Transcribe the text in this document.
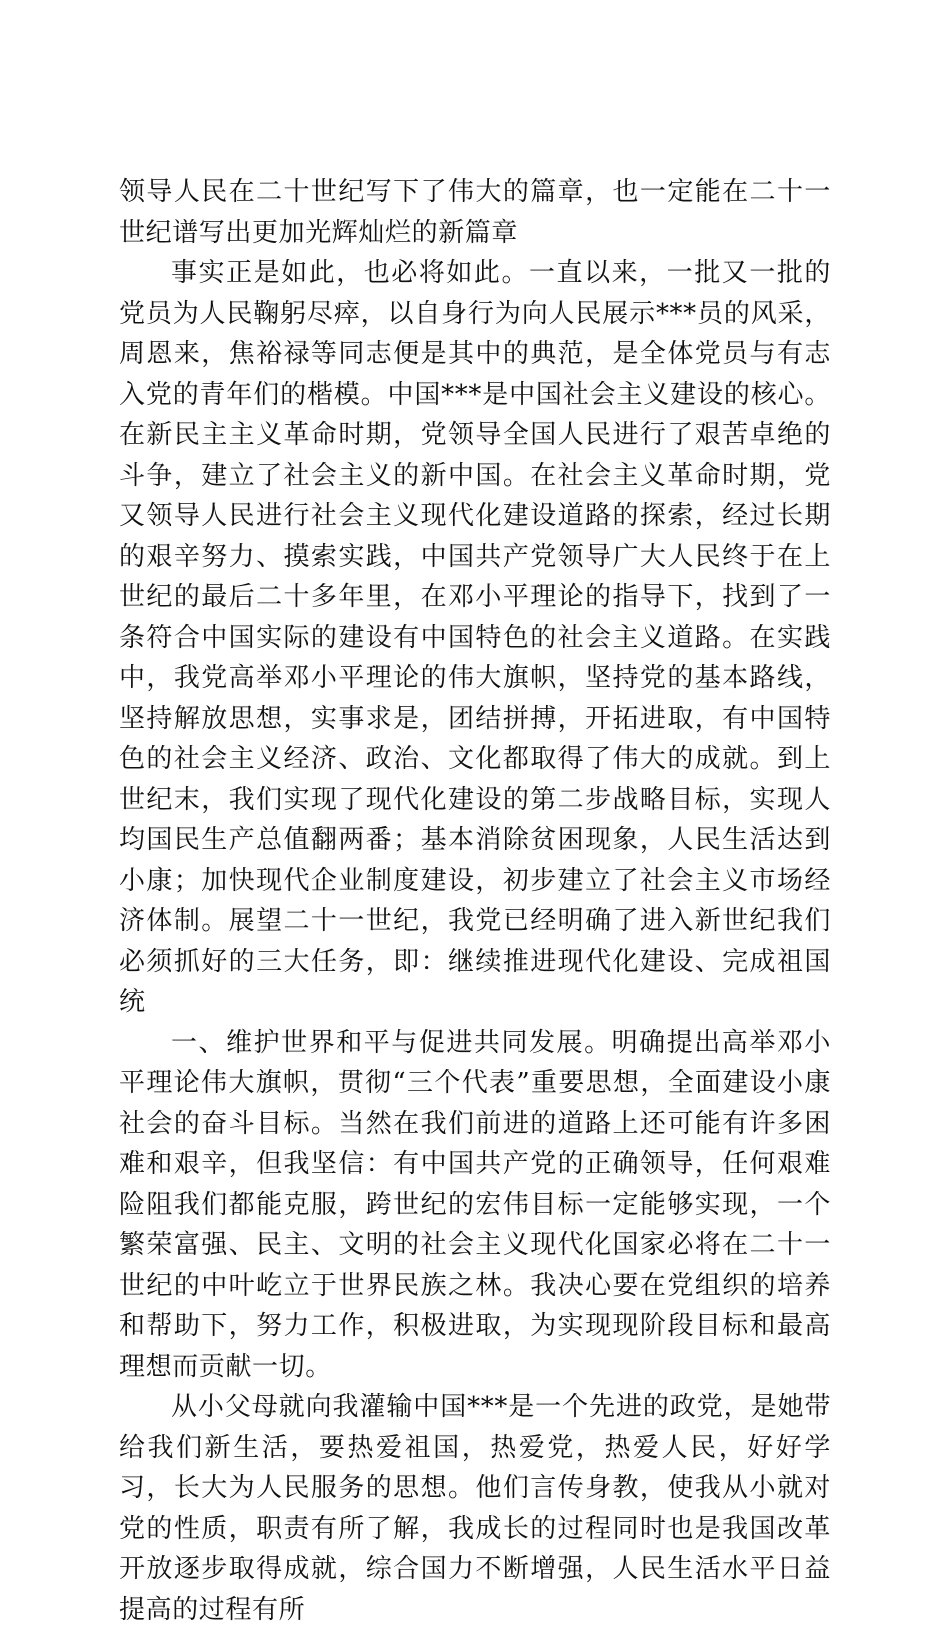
领导人民在二十世纪写下了伟大的篇章，也一定能在二十一世纪谱写出更加光辉灿烂的新篇章

事实正是如此，也必将如此。一直以来，一批又一批的党员为人民鞠躬尽瘁，以自身行为向人民展示***员的风采，周恩来，焦裕禄等同志便是其中的典范，是全体党员与有志入党的青年们的楷模。中国***是中国社会主义建设的核心。在新民主主义革命时期，党领导全国人民进行了艰苦卓绝的斗争，建立了社会主义的新中国。在社会主义革命时期，党又领导人民进行社会主义现代化建设道路的探索，经过长期的艰辛努力、摸索实践，中国共产党领导广大人民终于在上世纪的最后二十多年里，在邓小平理论的指导下，找到了一条符合中国实际的建设有中国特色的社会主义道路。在实践中，我党高举邓小平理论的伟大旗帜，坚持党的基本路线，坚持解放思想，实事求是，团结拼搏，开拓进取，有中国特色的社会主义经济、政治、文化都取得了伟大的成就。到上世纪末，我们实现了现代化建设的第二步战略目标，实现人均国民生产总值翻两番；基本消除贫困现象，人民生活达到小康；加快现代企业制度建设，初步建立了社会主义市场经济体制。展望二十一世纪，我党已经明确了进入新世纪我们必须抓好的三大任务，即：继续推进现代化建设、完成祖国统

一、维护世界和平与促进共同发展。明确提出高举邓小平理论伟大旗帜，贯彻“三个代表”重要思想，全面建设小康社会的奋斗目标。当然在我们前进的道路上还可能有许多困难和艰辛，但我坚信：有中国共产党的正确领导，任何艰难险阻我们都能克服，跨世纪的宏伟目标一定能够实现，一个繁荣富强、民主、文明的社会主义现代化国家必将在二十一世纪的中叶屹立于世界民族之林。我决心要在党组织的培养和帮助下，努力工作，积极进取，为实现现阶段目标和最高理想而贡献一切。

从小父母就向我灌输中国***是一个先进的政党，是她带给我们新生活，要热爱祖国，热爱党，热爱人民，好好学习，长大为人民服务的思想。他们言传身教，使我从小就对党的性质，职责有所了解，我成长的过程同时也是我国改革开放逐步取得成就，综合国力不断增强，人民生活水平日益提高的过程有所
